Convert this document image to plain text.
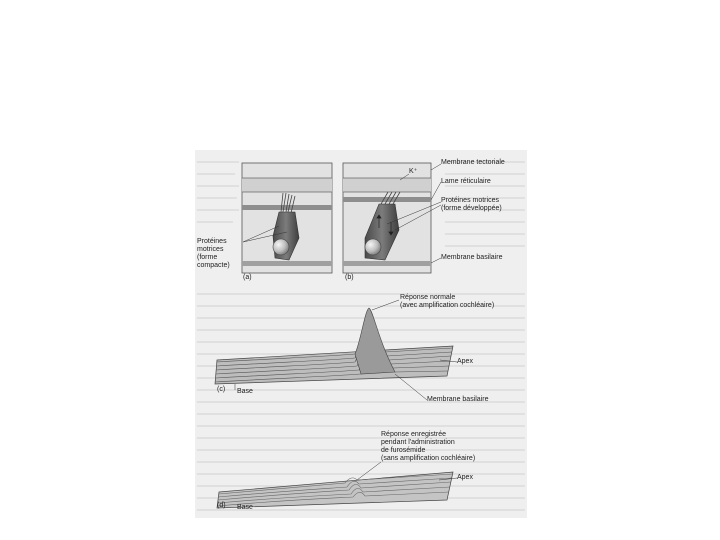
Protéines
motrices
(forme
compacte)
(a)	(b)
Membrane tectoriale
K⁺
Lame réticulaire
Protéines motrices
(forme développée)
Membrane basilaire
Réponse normale
(avec amplification cochléaire)
Apex
Membrane basilaire
(c) Base
Réponse enregistrée
pendant l'administration
de furosémide
(sans amplification cochléaire)
Apex
(d) Base
